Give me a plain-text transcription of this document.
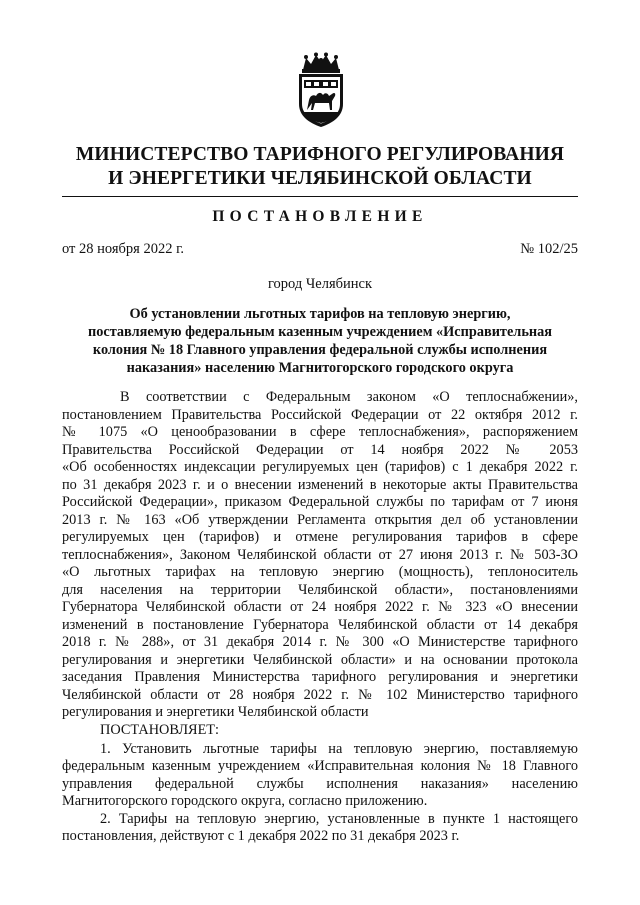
МИНИСТЕРСТВО ТАРИФНОГО РЕГУЛИРОВАНИЯ
И ЭНЕРГЕТИКИ ЧЕЛЯБИНСКОЙ ОБЛАСТИ
ПОСТАНОВЛЕНИЕ
от 28 ноября 2022 г.	№ 102/25
город Челябинск
Об установлении льготных тарифов на тепловую энергию,
поставляемую федеральным казенным учреждением «Исправительная
колония № 18 Главного управления федеральной службы исполнения
наказания» населению Магнитогорского городского округа
В соответствии с Федеральным законом «О теплоснабжении»,
постановлением Правительства Российской Федерации от 22 октября 2012 г.
№ 1075 «О ценообразовании в сфере теплоснабжения», распоряжением
Правительства Российской Федерации от 14 ноября 2022 № 2053
«Об особенностях индексации регулируемых цен (тарифов) с 1 декабря 2022 г.
по 31 декабря 2023 г. и о внесении изменений в некоторые акты Правительства
Российской Федерации», приказом Федеральной службы по тарифам от 7 июня
2013 г. № 163 «Об утверждении Регламента открытия дел об установлении
регулируемых цен (тарифов) и отмене регулирования тарифов в сфере
теплоснабжения», Законом Челябинской области от 27 июня 2013 г. № 503-ЗО
«О льготных тарифах на тепловую энергию (мощность), теплоноситель
для населения на территории Челябинской области», постановлениями
Губернатора Челябинской области от 24 ноября 2022 г. № 323 «О внесении
изменений в постановление Губернатора Челябинской области от 14 декабря
2018 г. № 288», от 31 декабря 2014 г. № 300 «О Министерстве тарифного
регулирования и энергетики Челябинской области» и на основании протокола
заседания Правления Министерства тарифного регулирования и энергетики
Челябинской области от 28 ноября 2022 г. № 102 Министерство тарифного
регулирования и энергетики Челябинской области
ПОСТАНОВЛЯЕТ:
1. Установить льготные тарифы на тепловую энергию, поставляемую
федеральным казенным учреждением «Исправительная колония № 18 Главного
управления федеральной службы исполнения наказания» населению
Магнитогорского городского округа, согласно приложению.
2. Тарифы на тепловую энергию, установленные в пункте 1 настоящего
постановления, действуют с 1 декабря 2022 по 31 декабря 2023 г.
